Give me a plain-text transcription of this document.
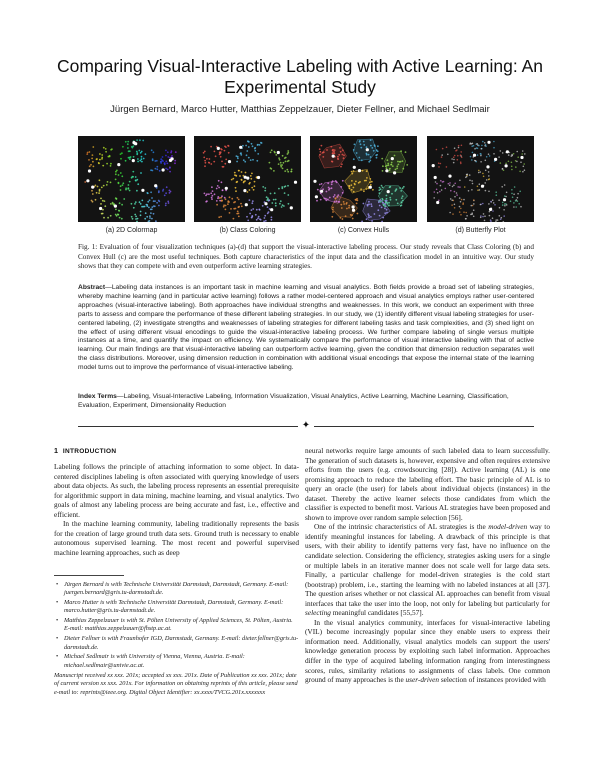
Comparing Visual-Interactive Labeling with Active Learning: An Experimental Study
Jürgen Bernard, Marco Hutter, Matthias Zeppelzauer, Dieter Fellner, and Michael Sedlmair
(a) 2D Colormap	(b) Class Coloring	(c) Convex Hulls	(d) Butterfly Plot
Fig. 1: Evaluation of four visualization techniques (a)-(d) that support the visual-interactive labeling process. Our study reveals that Class Coloring (b) and Convex Hull (c) are the most useful techniques. Both capture characteristics of the input data and the classification model in an intuitive way. Our study shows that they can compete with and even outperform active learning strategies.
Abstract—Labeling data instances is an important task in machine learning and visual analytics. Both fields provide a broad set of labeling strategies, whereby machine learning (and in particular active learning) follows a rather model-centered approach and visual analytics employs rather user-centered approaches (visual-interactive labeling). Both approaches have individual strengths and weaknesses. In this work, we conduct an experiment with three parts to assess and compare the performance of these different labeling strategies. In our study, we (1) identify different visual labeling strategies for user-centered labeling, (2) investigate strengths and weaknesses of labeling strategies for different labeling tasks and task complexities, and (3) shed light on the effect of using different visual encodings to guide the visual-interactive labeling process. We further compare labeling of single versus multiple instances at a time, and quantify the impact on efficiency. We systematically compare the performance of visual interactive labeling with that of active learning. Our main findings are that visual-interactive labeling can outperform active learning, given the condition that dimension reduction separates well the class distributions. Moreover, using dimension reduction in combination with additional visual encodings that expose the internal state of the learning model turns out to improve the performance of visual-interactive labeling.
Index Terms—Labeling, Visual-Interactive Labeling, Information Visualization, Visual Analytics, Active Learning, Machine Learning, Classification, Evaluation, Experiment, Dimensionality Reduction
✦
1 INTRODUCTION

Labeling follows the principle of attaching information to some object. In data-centered disciplines labeling is often associated with querying knowledge of users about data objects. As such, the labeling process represents an essential prerequisite for algorithmic support in data mining, machine learning, and visual analytics. Two goals of almost any labeling process are being accurate and fast, i.e., effective and efficient.

In the machine learning community, labeling traditionally represents the basis for the creation of large ground truth data sets. Ground truth is necessary to enable autonomous supervised learning. The most recent and powerful supervised machine learning approaches, such as deep

• Jürgen Bernard is with Technische Universität Darmstadt, Darmstadt, Germany. E-mail: juergen.bernard@gris.tu-darmstadt.de.
• Marco Hutter is with Technische Universität Darmstadt, Darmstadt, Germany. E-mail: marco.hutter@gris.tu-darmstadt.de.
• Matthias Zeppelzauer is with St. Pölten University of Applied Sciences, St. Pölten, Austria. E-mail: matthias.zeppelzauer@fhstp.ac.at.
• Dieter Fellner is with Fraunhofer IGD, Darmstadt, Germany. E-mail: dieter.fellner@gris.tu-darmstadt.de.
• Michael Sedlmair is with University of Vienna, Vienna, Austria. E-mail: michael.sedlmair@univie.ac.at.
Manuscript received xx xxx. 201x; accepted xx xxx. 201x. Date of Publication xx xxx. 201x; date of current version xx xxx. 201x. For information on obtaining reprints of this article, please send e-mail to: reprints@ieee.org. Digital Object Identifier: xx.xxxx/TVCG.201x.xxxxxxx

neural networks require large amounts of such labeled data to learn successfully. The generation of such datasets is, however, expensive and often requires extensive efforts from the users (e.g. crowdsourcing [28]). Active learning (AL) is one promising approach to reduce the labeling effort. The basic principle of AL is to query an oracle (the user) for labels about individual objects (instances) in the dataset. Thereby the active learner selects those candidates from which the classifier is expected to benefit most. Various AL strategies have been proposed and shown to improve over random sample selection [56].

One of the intrinsic characteristics of AL strategies is the model-driven way to identify meaningful instances for labeling. A drawback of this principle is that users, with their ability to identify patterns very fast, have no influence on the candidate selection. Considering the efficiency, strategies asking users for a single or multiple labels in an iterative manner does not scale well for large data sets. Finally, a particular challenge for model-driven strategies is the cold start (bootstrap) problem, i.e., starting the learning with no labeled instances at all [37]. The question arises whether or not classical AL approaches can benefit from visual interfaces that take the user into the loop, not only for labeling but particularly for selecting meaningful candidates [55,57].

In the visual analytics community, interfaces for visual-interactive labeling (VIL) become increasingly popular since they enable users to express their information need. Additionally, visual analytics models can support the users' knowledge generation process by exploiting such label information. Approaches differ in the type of acquired labeling information ranging from interestingness scores, rules, similarity relations to assignments of class labels. One common ground of many approaches is the user-driven selection of instances provided with
